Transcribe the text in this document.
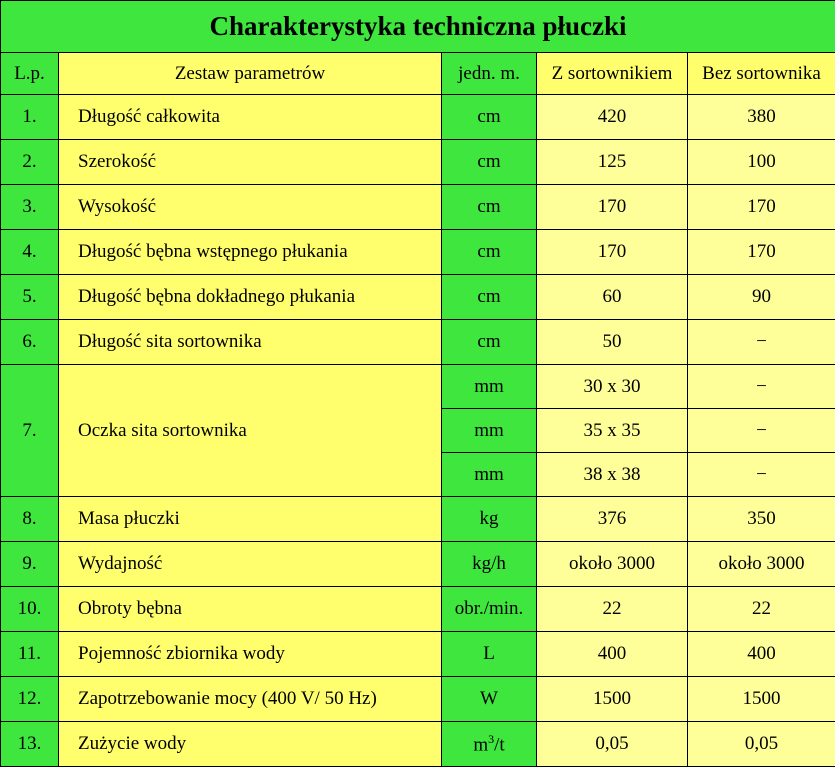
Charakterystyka techniczna płuczki				
L.p.	Zestaw parametrów	jedn. m.	Z sortownikiem	Bez sortownika
1.	Długość całkowita	cm	420	380
2.	Szerokość	cm	125	100
3.	Wysokość	cm	170	170
4.	Długość bębna wstępnego płukania	cm	170	170
5.	Długość bębna dokładnego płukania	cm	60	90
6.	Długość sita sortownika	cm	50	−
7.	Oczka sita sortownika	mm	30 x 30	−
		mm	35 x 35	−
		mm	38 x 38	−
8.	Masa płuczki	kg	376	350
9.	Wydajność	kg/h	około 3000	około 3000
10.	Obroty bębna	obr./min.	22	22
11.	Pojemność zbiornika wody	L	400	400
12.	Zapotrzebowanie mocy (400 V/ 50 Hz)	W	1500	1500
13.	Zużycie wody	$m^3/t$	0,05	0,05
